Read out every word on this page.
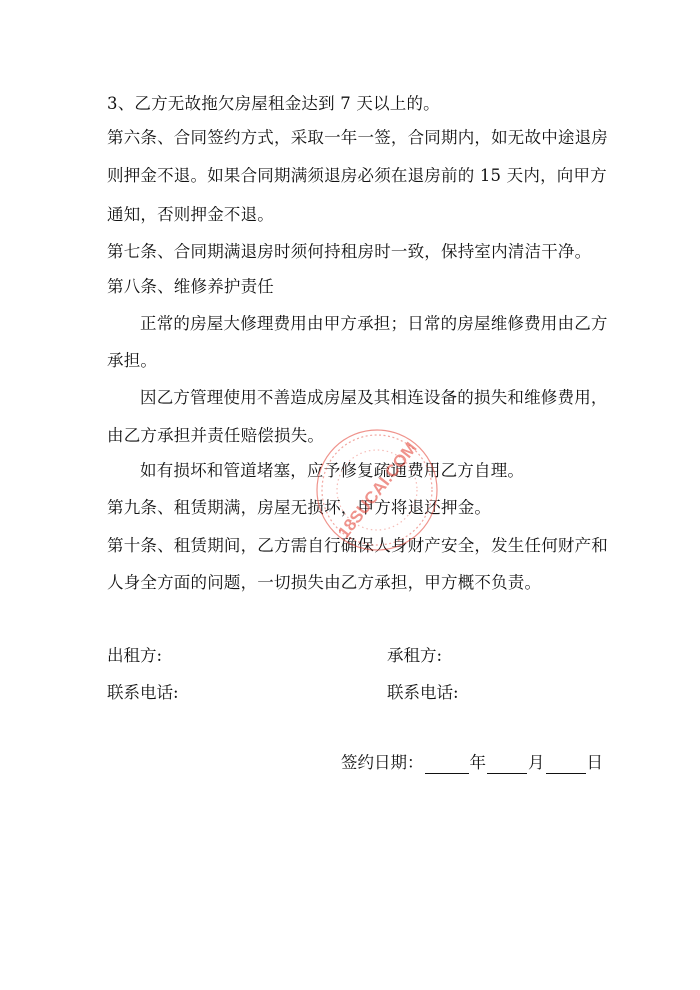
3、乙方无故拖欠房屋租金达到 7 天以上的。
第六条、合同签约方式，采取一年一签，合同期内，如无故中途退房
则押金不退。如果合同期满须退房必须在退房前的 15 天内，向甲方
通知，否则押金不退。
第七条、合同期满退房时须何持租房时一致，保持室内清洁干净。
第八条、维修养护责任
正常的房屋大修理费用由甲方承担；日常的房屋维修费用由乙方
承担。
因乙方管理使用不善造成房屋及其相连设备的损失和维修费用，
由乙方承担并责任赔偿损失。
如有损坏和管道堵塞，应予修复疏通费用乙方自理。
第九条、租赁期满，房屋无损坏，甲方将退还押金。
第十条、租赁期间，乙方需自行确保人身财产安全，发生任何财产和
人身全方面的问题，一切损失由乙方承担，甲方概不负责。
出租方:	承租方:
联系电话:	联系电话:
签约日期：	年	月	日
18SUCAI.COM
